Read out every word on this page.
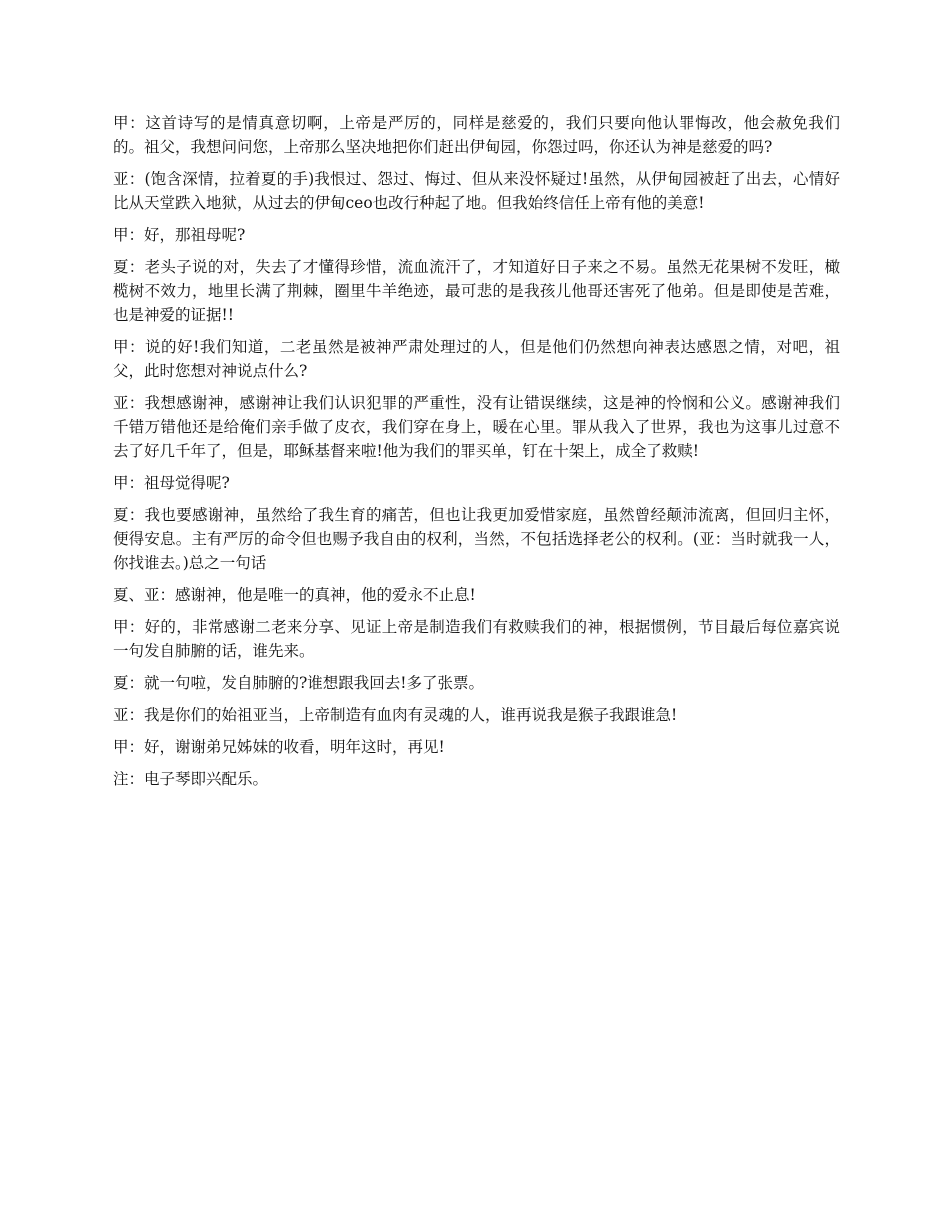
甲：这首诗写的是情真意切啊，上帝是严厉的，同样是慈爱的，我们只要向他认罪悔改，他会赦免我们的。祖父，我想问问您，上帝那么坚决地把你们赶出伊甸园，你怨过吗，你还认为神是慈爱的吗?

亚：(饱含深情，拉着夏的手)我恨过、怨过、悔过、但从来没怀疑过!虽然，从伊甸园被赶了出去，心情好比从天堂跌入地狱，从过去的伊甸ceo也改行种起了地。但我始终信任上帝有他的美意!

甲：好，那祖母呢?

夏：老头子说的对，失去了才懂得珍惜，流血流汗了，才知道好日子来之不易。虽然无花果树不发旺，橄榄树不效力，地里长满了荆棘，圈里牛羊绝迹，最可悲的是我孩儿他哥还害死了他弟。但是即使是苦难，也是神爱的证据!!

甲：说的好!我们知道，二老虽然是被神严肃处理过的人，但是他们仍然想向神表达感恩之情，对吧，祖父，此时您想对神说点什么?

亚：我想感谢神，感谢神让我们认识犯罪的严重性，没有让错误继续，这是神的怜悯和公义。感谢神我们千错万错他还是给俺们亲手做了皮衣，我们穿在身上，暖在心里。罪从我入了世界，我也为这事儿过意不去了好几千年了，但是，耶稣基督来啦!他为我们的罪买单，钉在十架上，成全了救赎!

甲：祖母觉得呢?

夏：我也要感谢神，虽然给了我生育的痛苦，但也让我更加爱惜家庭，虽然曾经颠沛流离，但回归主怀，便得安息。主有严厉的命令但也赐予我自由的权利，当然，不包括选择老公的权利。(亚：当时就我一人，你找谁去。)总之一句话

夏、亚：感谢神，他是唯一的真神，他的爱永不止息!

甲：好的，非常感谢二老来分享、见证上帝是制造我们有救赎我们的神，根据惯例，节目最后每位嘉宾说一句发自肺腑的话，谁先来。

夏：就一句啦，发自肺腑的?谁想跟我回去!多了张票。

亚：我是你们的始祖亚当，上帝制造有血肉有灵魂的人，谁再说我是猴子我跟谁急!

甲：好，谢谢弟兄姊妹的收看，明年这时，再见!

注：电子琴即兴配乐。
